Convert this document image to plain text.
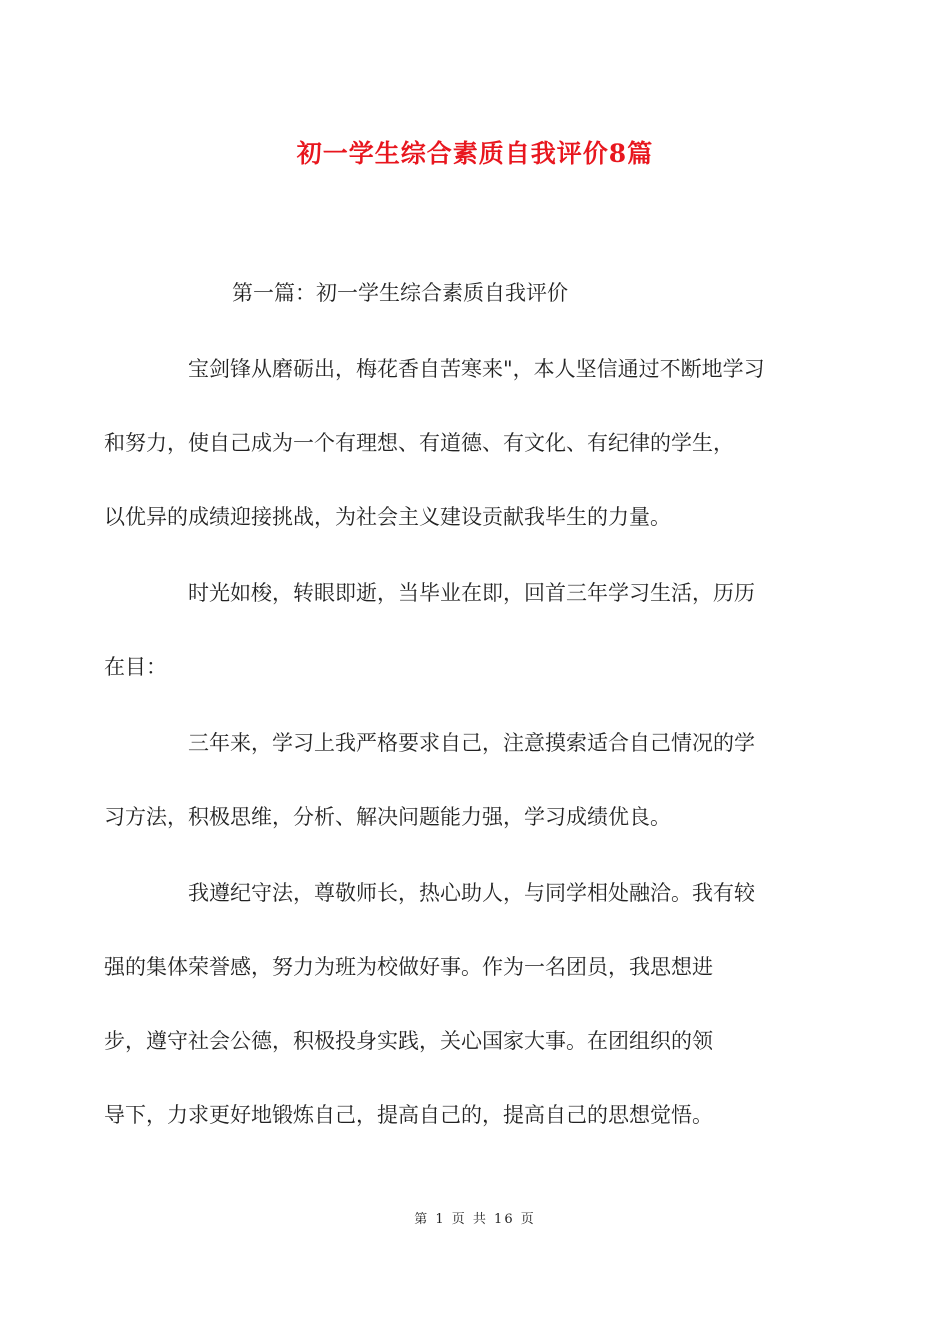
初一学生综合素质自我评价8篇

第一篇：初一学生综合素质自我评价

宝剑锋从磨砺出，梅花香自苦寒来"，本人坚信通过不断地学习
和努力，使自己成为一个有理想、有道德、有文化、有纪律的学生，
以优异的成绩迎接挑战，为社会主义建设贡献我毕生的力量。

时光如梭，转眼即逝，当毕业在即，回首三年学习生活，历历
在目：

三年来，学习上我严格要求自己，注意摸索适合自己情况的学
习方法，积极思维，分析、解决问题能力强，学习成绩优良。

我遵纪守法，尊敬师长，热心助人，与同学相处融洽。我有较
强的集体荣誉感，努力为班为校做好事。作为一名团员，我思想进
步，遵守社会公德，积极投身实践，关心国家大事。在团组织的领
导下，力求更好地锻炼自己，提高自己的，提高自己的思想觉悟。

第 1 页 共 16 页
